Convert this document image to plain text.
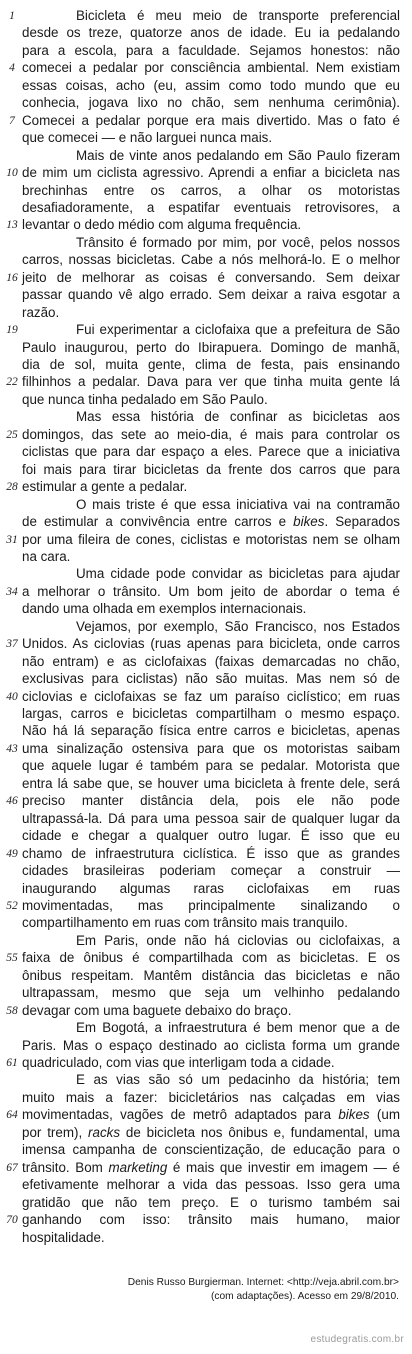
1	Bicicleta é meu meio de transporte preferencial
desde os treze, quatorze anos de idade. Eu ia pedalando
para a escola, para a faculdade. Sejamos honestos: não
4 comecei a pedalar por consciência ambiental. Nem existiam
essas coisas, acho (eu, assim como todo mundo que eu
conhecia, jogava lixo no chão, sem nenhuma cerimônia).
7 Comecei a pedalar porque era mais divertido. Mas o fato é
que comecei — e não larguei nunca mais.
Mais de vinte anos pedalando em São Paulo fizeram
10 de mim um ciclista agressivo. Aprendi a enfiar a bicicleta nas
brechinhas entre os carros, a olhar os motoristas
desafiadoramente, a espatifar eventuais retrovisores, a
13 levantar o dedo médio com alguma frequência.
Trânsito é formado por mim, por você, pelos nossos
carros, nossas bicicletas. Cabe a nós melhorá-lo. E o melhor
16 jeito de melhorar as coisas é conversando. Sem deixar
passar quando vê algo errado. Sem deixar a raiva esgotar a
razão.
19	Fui experimentar a ciclofaixa que a prefeitura de São
Paulo inaugurou, perto do Ibirapuera. Domingo de manhã,
dia de sol, muita gente, clima de festa, pais ensinando
22 filhinhos a pedalar. Dava para ver que tinha muita gente lá
que nunca tinha pedalado em São Paulo.
Mas essa história de confinar as bicicletas aos
25 domingos, das sete ao meio-dia, é mais para controlar os
ciclistas que para dar espaço a eles. Parece que a iniciativa
foi mais para tirar bicicletas da frente dos carros que para
28 estimular a gente a pedalar.
O mais triste é que essa iniciativa vai na contramão
de estimular a convivência entre carros e bikes. Separados
31 por uma fileira de cones, ciclistas e motoristas nem se olham
na cara.
Uma cidade pode convidar as bicicletas para ajudar
34 a melhorar o trânsito. Um bom jeito de abordar o tema é
dando uma olhada em exemplos internacionais.
Vejamos, por exemplo, São Francisco, nos Estados
37 Unidos. As ciclovias (ruas apenas para bicicleta, onde carros
não entram) e as ciclofaixas (faixas demarcadas no chão,
exclusivas para ciclistas) não são muitas. Mas nem só de
40 ciclovias e ciclofaixas se faz um paraíso ciclístico; em ruas
largas, carros e bicicletas compartilham o mesmo espaço.
Não há lá separação física entre carros e bicicletas, apenas
43 uma sinalização ostensiva para que os motoristas saibam
que aquele lugar é também para se pedalar. Motorista que
entra lá sabe que, se houver uma bicicleta à frente dele, será
46 preciso manter distância dela, pois ele não pode
ultrapassá-la. Dá para uma pessoa sair de qualquer lugar da
cidade e chegar a qualquer outro lugar. É isso que eu
49 chamo de infraestrutura ciclística. É isso que as grandes
cidades brasileiras poderiam começar a construir —
inaugurando algumas raras ciclofaixas em ruas
52 movimentadas, mas principalmente sinalizando o
compartilhamento em ruas com trânsito mais tranquilo.
Em Paris, onde não há ciclovias ou ciclofaixas, a
55 faixa de ônibus é compartilhada com as bicicletas. E os
ônibus respeitam. Mantêm distância das bicicletas e não
ultrapassam, mesmo que seja um velhinho pedalando
58 devagar com uma baguete debaixo do braço.
Em Bogotá, a infraestrutura é bem menor que a de
Paris. Mas o espaço destinado ao ciclista forma um grande
61 quadriculado, com vias que interligam toda a cidade.
E as vias são só um pedacinho da história; tem
muito mais a fazer: bicicletários nas calçadas em vias
64 movimentadas, vagões de metrô adaptados para bikes (um
por trem), racks de bicicleta nos ônibus e, fundamental, uma
imensa campanha de conscientização, de educação para o
67 trânsito. Bom marketing é mais que investir em imagem — é
efetivamente melhorar a vida das pessoas. Isso gera uma
gratidão que não tem preço. E o turismo também sai
70 ganhando com isso: trânsito mais humano, maior
hospitalidade.
Denis Russo Burgierman. Internet: <http://veja.abril.com.br>
(com adaptações). Acesso em 29/8/2010.
estudegratis.com.br
